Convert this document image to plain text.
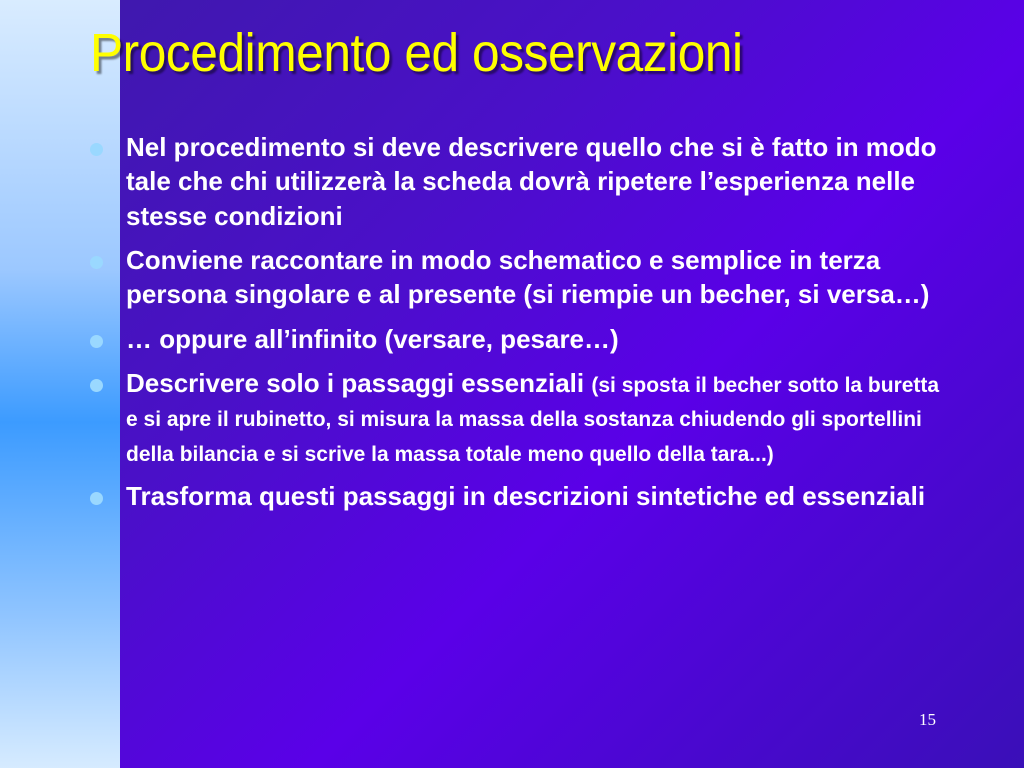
Procedimento ed osservazioni
Nel procedimento si deve descrivere quello che si è fatto in modo tale che chi utilizzerà la scheda dovrà ripetere l’esperienza nelle stesse condizioni
Conviene raccontare in modo schematico e semplice in terza persona singolare e al presente (si riempie un becher, si versa…)
… oppure all’infinito (versare, pesare…)
Descrivere solo i passaggi essenziali (si sposta il becher sotto la buretta e si apre il rubinetto, si misura la massa della sostanza chiudendo gli sportellini della bilancia e si scrive la massa totale meno quello della tara...)
Trasforma questi passaggi in descrizioni sintetiche ed essenziali
15
